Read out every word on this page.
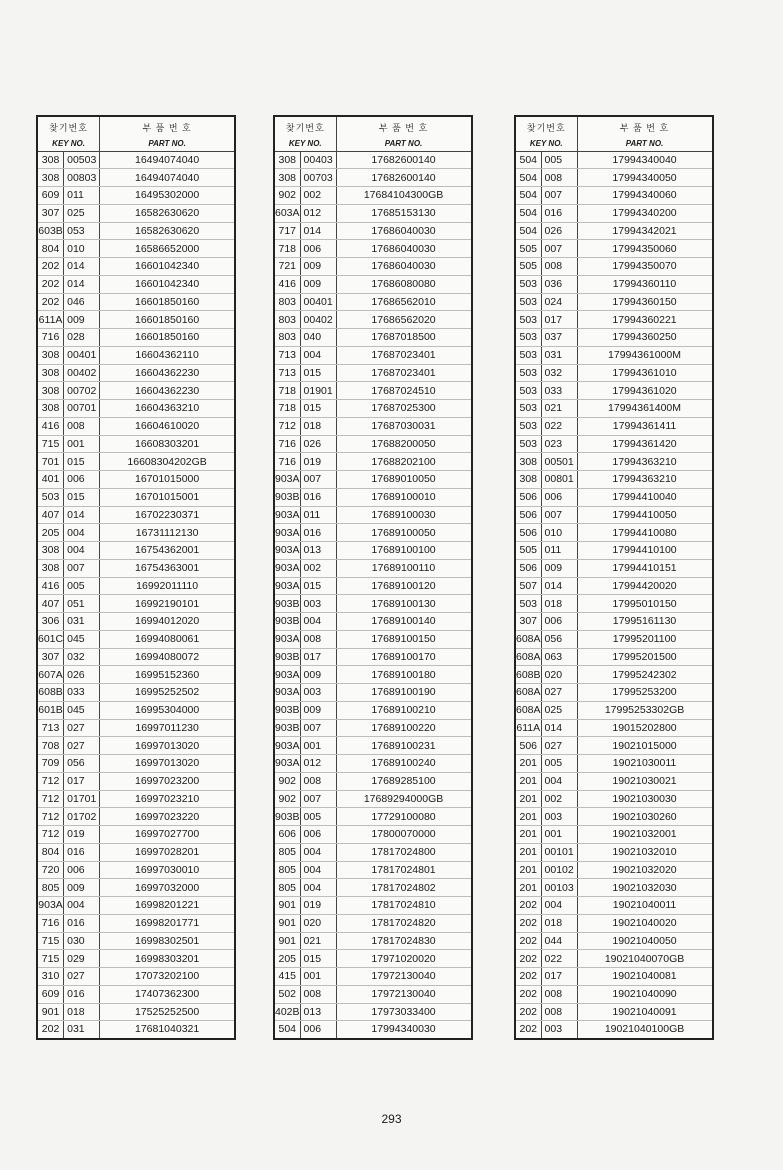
찾기번호
KEY NO.		부 품 번 호
PART NO.

308	00503	16494074040
308	00803	16494074040
609	011	16495302000
307	025	16582630620
603B	053	16582630620
804	010	16586652000
202	014	16601042340
202	014	16601042340
202	046	16601850160
611A	009	16601850160
716	028	16601850160
308	00401	16604362110
308	00402	16604362230
308	00702	16604362230
308	00701	16604363210
416	008	16604610020
715	001	16608303201
701	015	16608304202GB
401	006	16701015000
503	015	16701015001
407	014	16702230371
205	004	16731112130
308	004	16754362001
308	007	16754363001
416	005	16992011110
407	051	16992190101
306	031	16994012020
601C	045	16994080061
307	032	16994080072
607A	026	16995152360
608B	033	16995252502
601B	045	16995304000
713	027	16997011230
708	027	16997013020
709	056	16997013020
712	017	16997023200
712	01701	16997023210
712	01702	16997023220
712	019	16997027700
804	016	16997028201
720	006	16997030010
805	009	16997032000
903A	004	16998201221
716	016	16998201771
715	030	16998302501
715	029	16998303201
310	027	17073202100
609	016	17407362300
901	018	17525252500
202	031	17681040321
찾기번호
KEY NO.		부 품 번 호
PART NO.

308	00403	17682600140
308	00703	17682600140
902	002	17684104300GB
603A	012	17685153130
717	014	17686040030
718	006	17686040030
721	009	17686040030
416	009	17686080080
803	00401	17686562010
803	00402	17686562020
803	040	17687018500
713	004	17687023401
713	015	17687023401
718	01901	17687024510
718	015	17687025300
712	018	17687030031
716	026	17688200050
716	019	17688202100
903A	007	17689010050
903B	016	17689100010
903A	011	17689100030
903A	016	17689100050
903A	013	17689100100
903A	002	17689100110
903A	015	17689100120
903B	003	17689100130
903B	004	17689100140
903A	008	17689100150
903B	017	17689100170
903A	009	17689100180
903A	003	17689100190
903B	009	17689100210
903B	007	17689100220
903A	001	17689100231
903A	012	17689100240
902	008	17689285100
902	007	17689294000GB
903B	005	17729100080
606	006	17800070000
805	004	17817024800
805	004	17817024801
805	004	17817024802
901	019	17817024810
901	020	17817024820
901	021	17817024830
205	015	17971020020
415	001	17972130040
502	008	17972130040
402B	013	17973033400
504	006	17994340030
찾기번호
KEY NO.		부 품 번 호
PART NO.

504	005	17994340040
504	008	17994340050
504	007	17994340060
504	016	17994340200
504	026	17994342021
505	007	17994350060
505	008	17994350070
503	036	17994360110
503	024	17994360150
503	017	17994360221
503	037	17994360250
503	031	17994361000M
503	032	17994361010
503	033	17994361020
503	021	17994361400M
503	022	17994361411
503	023	17994361420
308	00501	17994363210
308	00801	17994363210
506	006	17994410040
506	007	17994410050
506	010	17994410080
505	011	17994410100
506	009	17994410151
507	014	17994420020
503	018	17995010150
307	006	17995161130
608A	056	17995201100
608A	063	17995201500
608B	020	17995242302
608A	027	17995253200
608A	025	17995253302GB
611A	014	19015202800
506	027	19021015000
201	005	19021030011
201	004	19021030021
201	002	19021030030
201	003	19021030260
201	001	19021032001
201	00101	19021032010
201	00102	19021032020
201	00103	19021032030
202	004	19021040011
202	018	19021040020
202	044	19021040050
202	022	19021040070GB
202	017	19021040081
202	008	19021040090
202	008	19021040091
202	003	19021040100GB
293
